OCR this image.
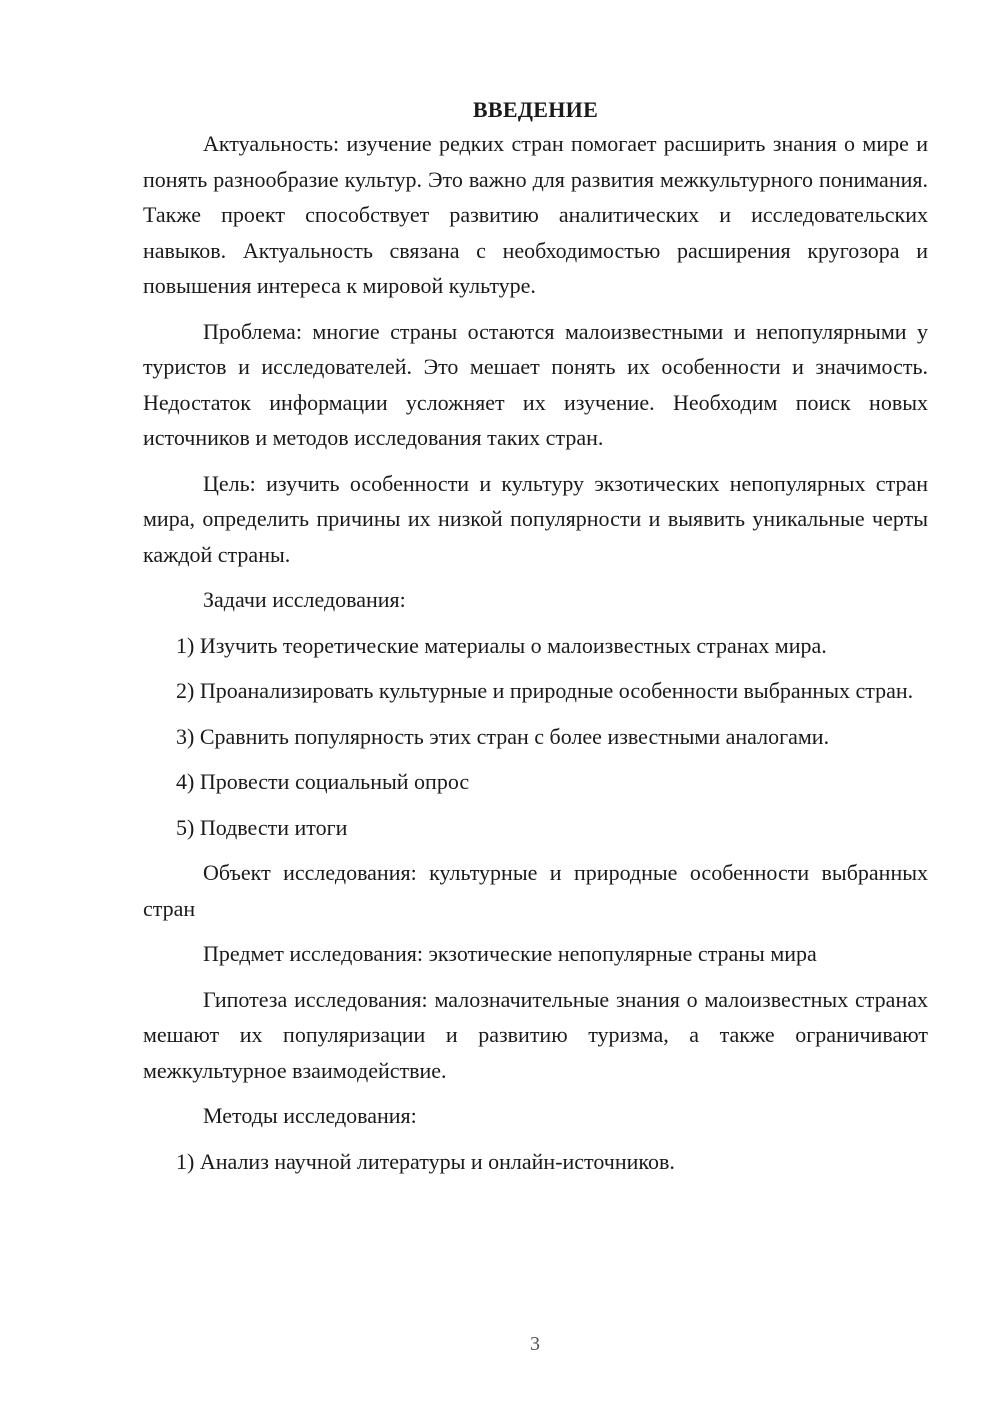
ВВЕДЕНИЕ

Актуальность: изучение редких стран помогает расширить знания о мире и понять разнообразие культур. Это важно для развития межкультурного понимания. Также проект способствует развитию аналитических и исследовательских навыков. Актуальность связана с необходимостью расширения кругозора и повышения интереса к мировой культуре.

Проблема: многие страны остаются малоизвестными и непопулярными у туристов и исследователей. Это мешает понять их особенности и значимость. Недостаток информации усложняет их изучение. Необходим поиск новых источников и методов исследования таких стран.

Цель: изучить особенности и культуру экзотических непопулярных стран мира, определить причины их низкой популярности и выявить уникальные черты каждой страны.

Задачи исследования:

1) Изучить теоретические материалы о малоизвестных странах мира.

2) Проанализировать культурные и природные особенности выбранных стран.

3) Сравнить популярность этих стран с более известными аналогами.

4) Провести социальный опрос

5) Подвести итоги

Объект исследования: культурные и природные особенности выбранных стран

Предмет исследования: экзотические непопулярные страны мира

Гипотеза исследования: малозначительные знания о малоизвестных странах мешают их популяризации и развитию туризма, а также ограничивают межкультурное взаимодействие.

Методы исследования:

1) Анализ научной литературы и онлайн-источников.

3
